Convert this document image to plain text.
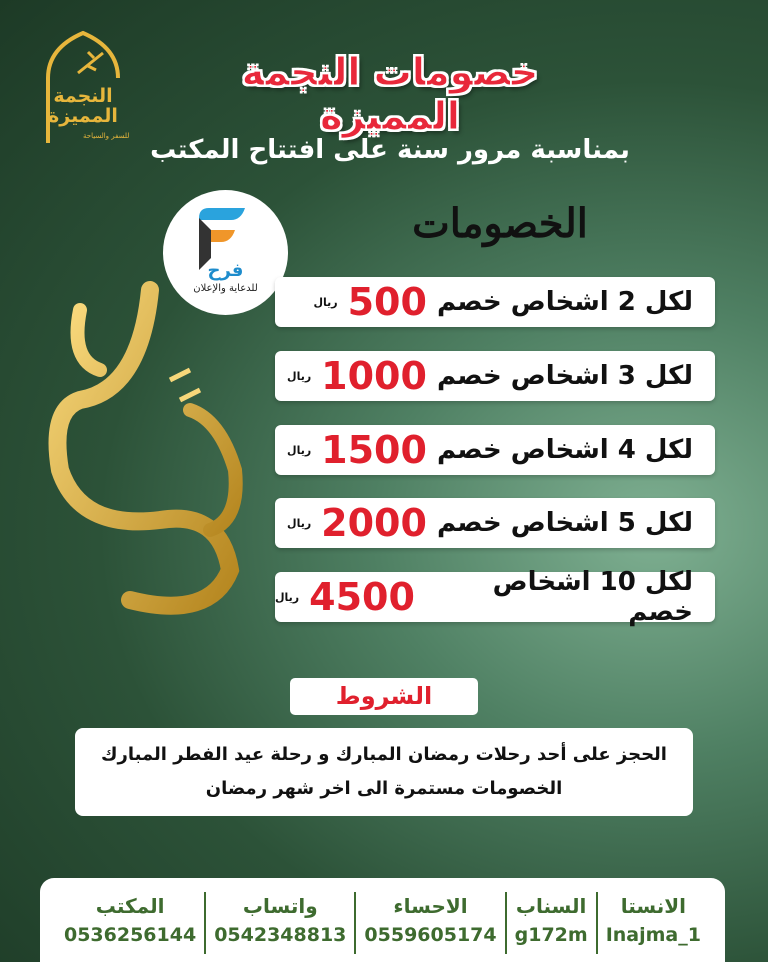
النجمة المميزة
للسفر والسياحة
خصومات النجمة المميزة
بمناسبة مرور سنة على افتتاح المكتب
الخصومات
فرح
للدعاية والإعلان	لكل 2 اشخاص خصم
500
ريال
لكل 3 اشخاص خصم
1000
ريال
لكل 4 اشخاص خصم
1500
ريال
لكل 5 اشخاص خصم
2000
ريال
لكل 10 اشخاص خصم
4500
ريال
الشروط
الحجز على أحد رحلات رمضان المبارك و رحلة عيد الفطر المبارك
الخصومات مستمرة الى اخر شهر رمضان
الانستا
Inajma_1
السناب
g172m
الاحساء
0559605174
واتساب
0542348813
المكتب
0536256144
